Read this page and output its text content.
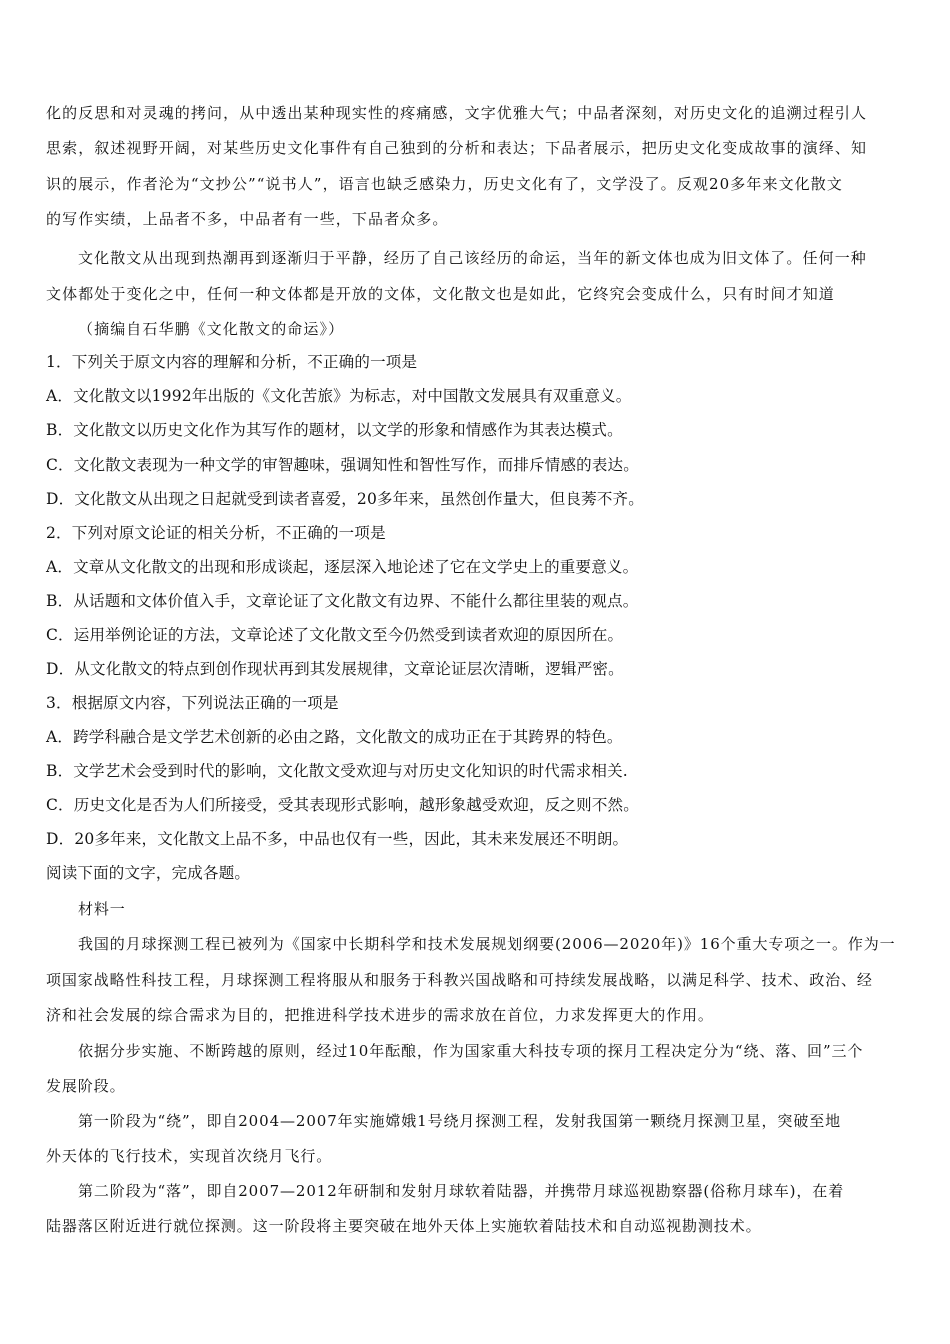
化的反思和对灵魂的拷问，从中透出某种现实性的疼痛感，文字优雅大气；中品者深刻，对历史文化的追溯过程引人
思索，叙述视野开阔，对某些历史文化事件有自己独到的分析和表达；下品者展示，把历史文化变成故事的演绎、知
识的展示，作者沦为“文抄公”“说书人”，语言也缺乏感染力，历史文化有了，文学没了。反观20多年来文化散文
的写作实绩，上品者不多，中品者有一些，下品者众多。
文化散文从出现到热潮再到逐渐归于平静，经历了自己该经历的命运，当年的新文体也成为旧文体了。任何一种
文体都处于变化之中，任何一种文体都是开放的文体，文化散文也是如此，它终究会变成什么，只有时间才知道
（摘编自石华鹏《文化散文的命运》）
1．下列关于原文内容的理解和分析，不正确的一项是
A．文化散文以1992年出版的《文化苦旅》为标志，对中国散文发展具有双重意义。
B．文化散文以历史文化作为其写作的题材，以文学的形象和情感作为其表达模式。
C．文化散文表现为一种文学的审智趣味，强调知性和智性写作，而排斥情感的表达。
D．文化散文从出现之日起就受到读者喜爱，20多年来，虽然创作量大，但良莠不齐。
2．下列对原文论证的相关分析，不正确的一项是
A．文章从文化散文的出现和形成谈起，逐层深入地论述了它在文学史上的重要意义。
B．从话题和文体价值入手，文章论证了文化散文有边界、不能什么都往里装的观点。
C．运用举例论证的方法，文章论述了文化散文至今仍然受到读者欢迎的原因所在。
D．从文化散文的特点到创作现状再到其发展规律，文章论证层次清晰，逻辑严密。
3．根据原文内容，下列说法正确的一项是
A．跨学科融合是文学艺术创新的必由之路，文化散文的成功正在于其跨界的特色。
B．文学艺术会受到时代的影响，文化散文受欢迎与对历史文化知识的时代需求相关.
C．历史文化是否为人们所接受，受其表现形式影响，越形象越受欢迎，反之则不然。
D．20多年来，文化散文上品不多，中品也仅有一些，因此，其未来发展还不明朗。
阅读下面的文字，完成各题。
材料一
我国的月球探测工程已被列为《国家中长期科学和技术发展规划纲要(2006—2020年)》16个重大专项之一。作为一
项国家战略性科技工程，月球探测工程将服从和服务于科教兴国战略和可持续发展战略，以满足科学、技术、政治、经
济和社会发展的综合需求为目的，把推进科学技术进步的需求放在首位，力求发挥更大的作用。
依据分步实施、不断跨越的原则，经过10年酝酿，作为国家重大科技专项的探月工程决定分为“绕、落、回”三个
发展阶段。
第一阶段为“绕”，即自2004—2007年实施嫦娥1号绕月探测工程，发射我国第一颗绕月探测卫星，突破至地
外天体的飞行技术，实现首次绕月飞行。
第二阶段为“落”，即自2007—2012年研制和发射月球软着陆器，并携带月球巡视勘察器(俗称月球车)，在着
陆器落区附近进行就位探测。这一阶段将主要突破在地外天体上实施软着陆技术和自动巡视勘测技术。
